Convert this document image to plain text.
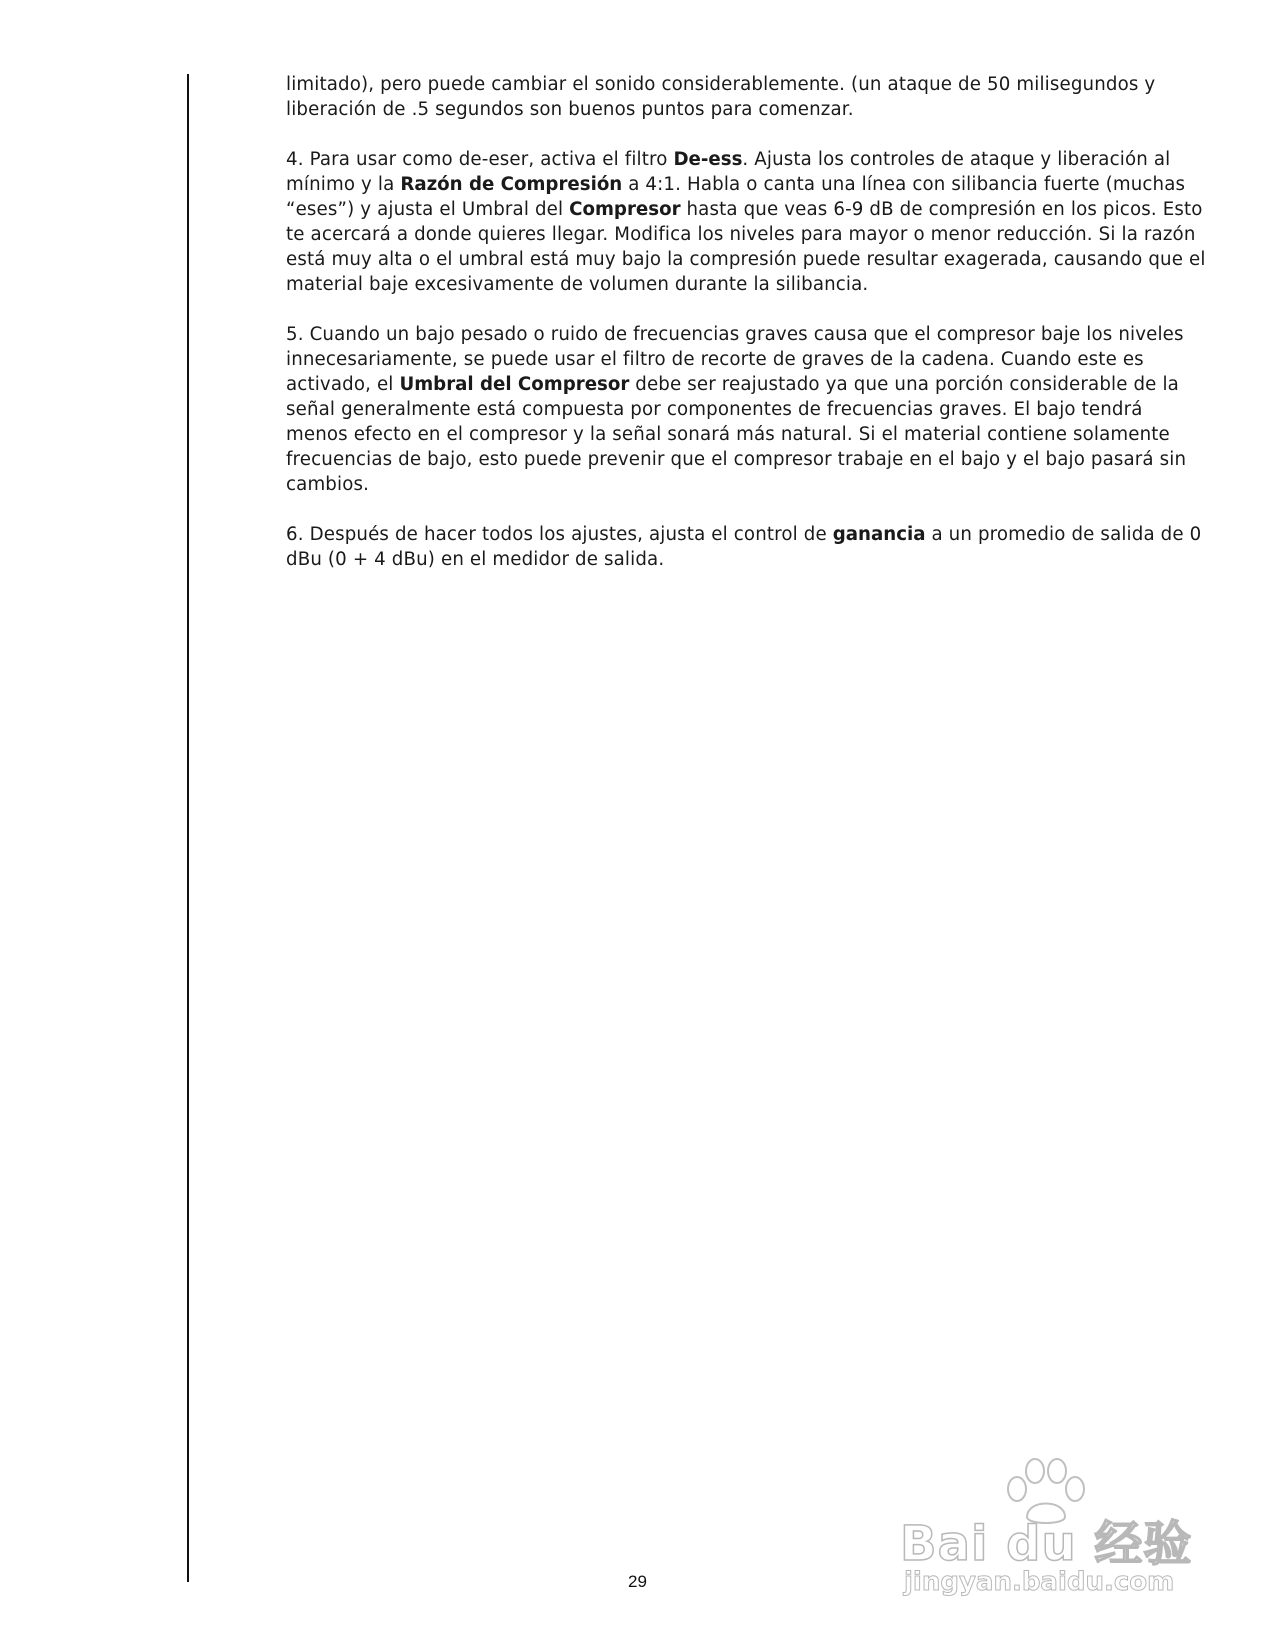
limitado), pero puede cambiar el sonido considerablemente. (un ataque de 50 milisegundos y liberación de .5 segundos son buenos puntos para comenzar.

4. Para usar como de-eser, activa el filtro De-ess. Ajusta los controles de ataque y liberación al mínimo y la Razón de Compresión a 4:1. Habla o canta una línea con silibancia fuerte (muchas “eses”) y ajusta el Umbral del Compresor hasta que veas 6-9 dB de compresión en los picos. Esto te acercará a donde quieres llegar. Modifica los niveles para mayor o menor reducción. Si la razón está muy alta o el umbral está muy bajo la compresión puede resultar exagerada, causando que el material baje excesivamente de volumen durante la silibancia.

5. Cuando un bajo pesado o ruido de frecuencias graves causa que el compresor baje los niveles innecesariamente, se puede usar el filtro de recorte de graves de la cadena. Cuando este es activado, el Umbral del Compresor debe ser reajustado ya que una porción considerable de la señal generalmente está compuesta por componentes de frecuencias graves. El bajo tendrá menos efecto en el compresor y la señal sonará más natural. Si el material contiene solamente frecuencias de bajo, esto puede prevenir que el compresor trabaje en el bajo y el bajo pasará sin cambios.

6. Después de hacer todos los ajustes, ajusta el control de ganancia a un promedio de salida de 0 dBu (0 + 4 dBu) en el medidor de salida.

29
Bai du 经验
jingyan.baidu.com
